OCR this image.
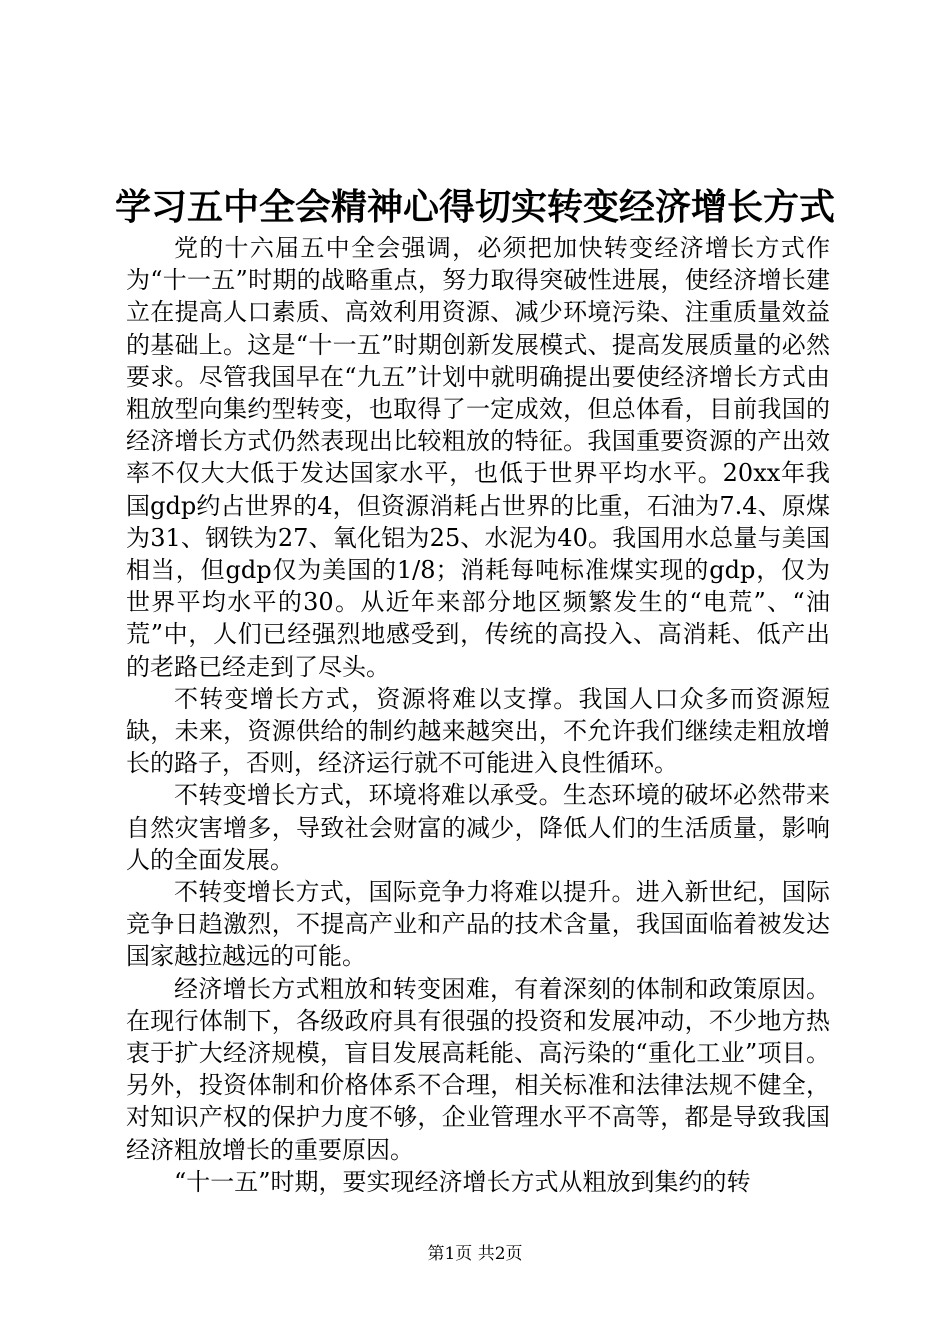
学习五中全会精神心得切实转变经济增长方式

党的十六届五中全会强调，必须把加快转变经济增长方式作为“十一五”时期的战略重点，努力取得突破性进展，使经济增长建立在提高人口素质、高效利用资源、减少环境污染、注重质量效益的基础上。这是“十一五”时期创新发展模式、提高发展质量的必然要求。尽管我国早在“九五”计划中就明确提出要使经济增长方式由粗放型向集约型转变，也取得了一定成效，但总体看，目前我国的经济增长方式仍然表现出比较粗放的特征。我国重要资源的产出效率不仅大大低于发达国家水平，也低于世界平均水平。20xx年我国gdp约占世界的4，但资源消耗占世界的比重，石油为7.4、原煤为31、钢铁为27、氧化铝为25、水泥为40。我国用水总量与美国相当，但gdp仅为美国的1/8；消耗每吨标准煤实现的gdp，仅为世界平均水平的30。从近年来部分地区频繁发生的“电荒”、“油荒”中，人们已经强烈地感受到，传统的高投入、高消耗、低产出的老路已经走到了尽头。

不转变增长方式，资源将难以支撑。我国人口众多而资源短缺，未来，资源供给的制约越来越突出，不允许我们继续走粗放增长的路子，否则，经济运行就不可能进入良性循环。

不转变增长方式，环境将难以承受。生态环境的破坏必然带来自然灾害增多，导致社会财富的减少，降低人们的生活质量，影响人的全面发展。

不转变增长方式，国际竞争力将难以提升。进入新世纪，国际竞争日趋激烈，不提高产业和产品的技术含量，我国面临着被发达国家越拉越远的可能。

经济增长方式粗放和转变困难，有着深刻的体制和政策原因。在现行体制下，各级政府具有很强的投资和发展冲动，不少地方热衷于扩大经济规模，盲目发展高耗能、高污染的“重化工业”项目。另外，投资体制和价格体系不合理，相关标准和法律法规不健全，对知识产权的保护力度不够，企业管理水平不高等，都是导致我国经济粗放增长的重要原因。

“十一五”时期，要实现经济增长方式从粗放到集约的转

第1页 共2页
